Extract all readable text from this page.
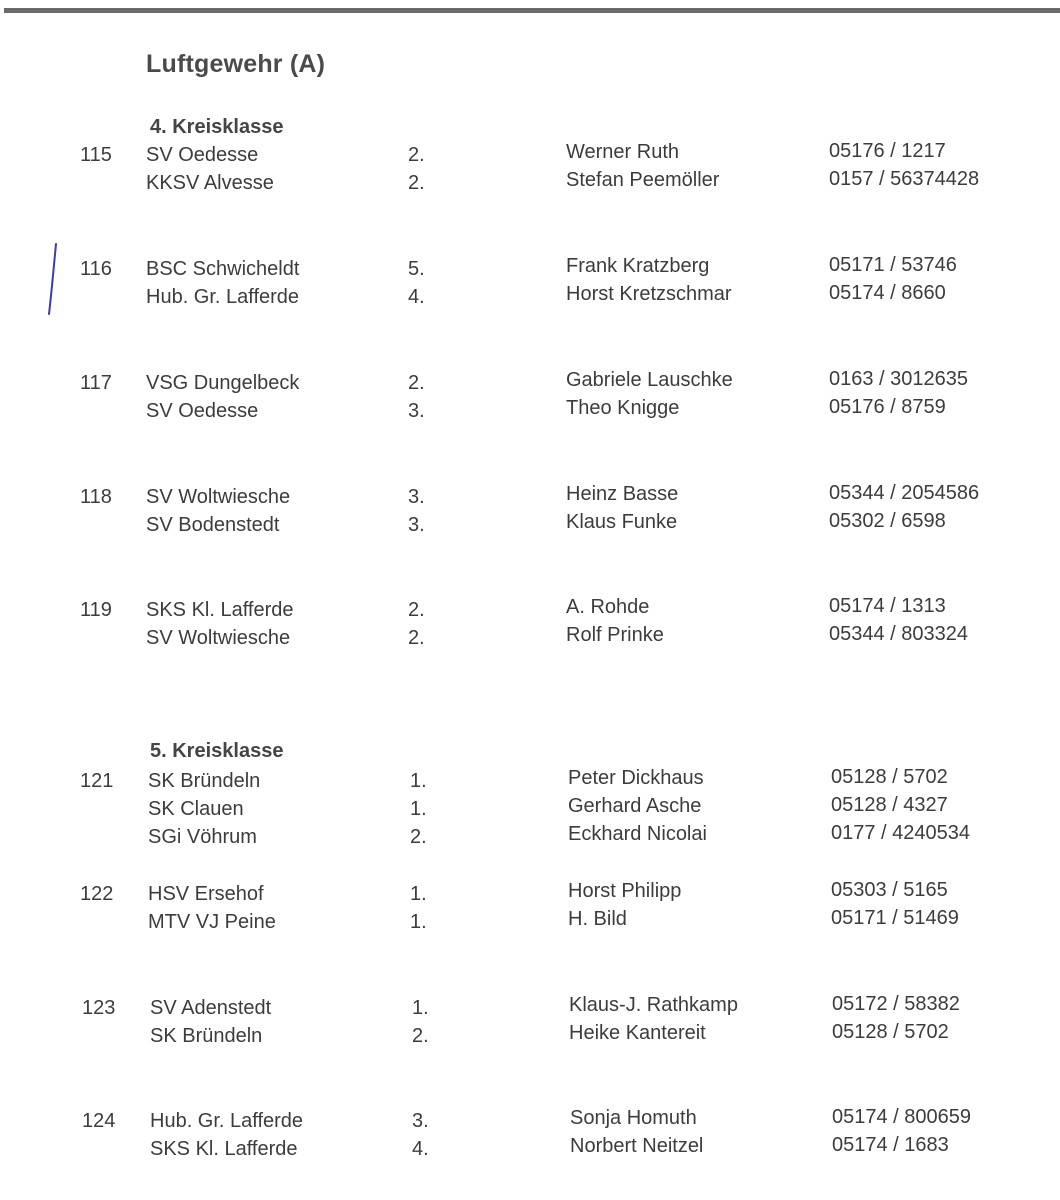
Luftgewehr (A)
4. Kreisklasse
115 SV Oedesse	2.	Werner Ruth	05176 / 1217
KKSV Alvesse	2.	Stefan Peemöller	0157 / 56374428
116 BSC Schwicheldt	5.	Frank Kratzberg	05171 / 53746
Hub. Gr. Lafferde	4.	Horst Kretzschmar	05174 / 8660
117 VSG Dungelbeck	2.	Gabriele Lauschke	0163 / 3012635
SV Oedesse	3.	Theo Knigge	05176 / 8759
118 SV Woltwiesche	3.	Heinz Basse	05344 / 2054586
SV Bodenstedt	3.	Klaus Funke	05302 / 6598
119 SKS Kl. Lafferde	2.	A. Rohde	05174 / 1313
SV Woltwiesche	2.	Rolf Prinke	05344 / 803324
5. Kreisklasse
121 SK Bründeln	1.	Peter Dickhaus	05128 / 5702
SK Clauen	1.	Gerhard Asche	05128 / 4327
SGi Vöhrum	2.	Eckhard Nicolai	0177 / 4240534
122 HSV Ersehof	1.	Horst Philipp	05303 / 5165
MTV VJ Peine	1.	H. Bild	05171 / 51469
123 SV Adenstedt	1.	Klaus-J. Rathkamp	05172 / 58382
SK Bründeln	2.	Heike Kantereit	05128 / 5702
124 Hub. Gr. Lafferde	3.	Sonja Homuth	05174 / 800659
SKS Kl. Lafferde	4.	Norbert Neitzel	05174 / 1683
